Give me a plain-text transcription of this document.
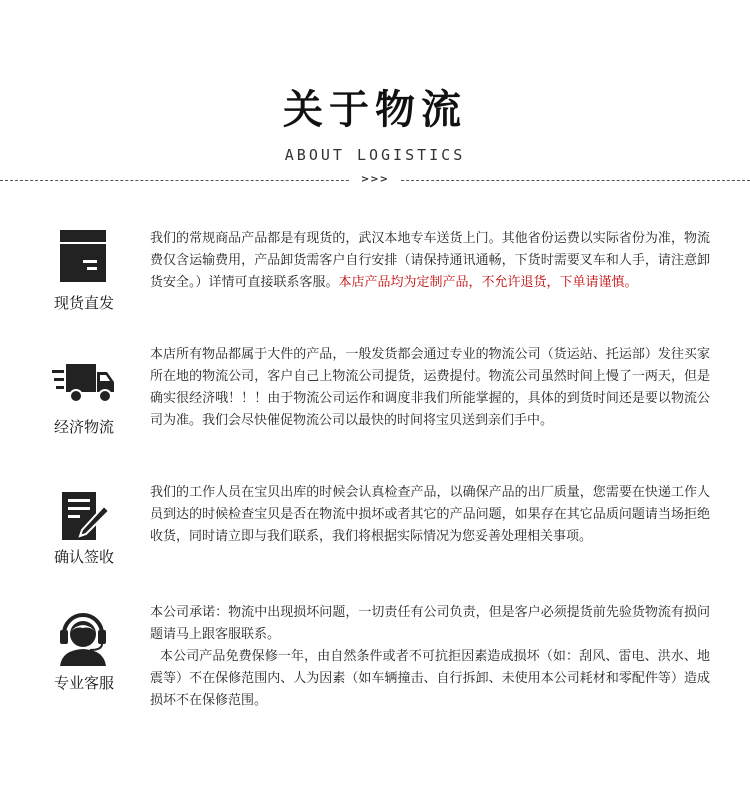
关于物流
ABOUT LOGISTICS
>>>
现货直发
我们的常规商品产品都是有现货的，武汉本地专车送货上门。其他省份运费以实际省份为准，物流费仅含运输费用，产品卸货需客户自行安排（请保持通讯通畅，下货时需要叉车和人手，请注意卸货安全。）详情可直接联系客服。本店产品均为定制产品，不允许退货，下单请谨慎。
经济物流
本店所有物品都属于大件的产品，一般发货都会通过专业的物流公司（货运站、托运部）发往买家所在地的物流公司，客户自己上物流公司提货，运费提付。物流公司虽然时间上慢了一两天，但是确实很经济哦！！！由于物流公司运作和调度非我们所能掌握的，具体的到货时间还是要以物流公司为准。我们会尽快催促物流公司以最快的时间将宝贝送到亲们手中。
确认签收
我们的工作人员在宝贝出库的时候会认真检查产品，以确保产品的出厂质量，您需要在快递工作人员到达的时候检查宝贝是否在物流中损坏或者其它的产品问题，如果存在其它品质问题请当场拒绝收货，同时请立即与我们联系，我们将根据实际情况为您妥善处理相关事项。
专业客服
本公司承诺：物流中出现损坏问题，一切责任有公司负责，但是客户必须提货前先验货物流有损问题请马上跟客服联系。
本公司产品免费保修一年，由自然条件或者不可抗拒因素造成损坏（如：刮风、雷电、洪水、地震等）不在保修范围内、人为因素（如车辆撞击、自行拆卸、未使用本公司耗材和零配件等）造成损坏不在保修范围。
